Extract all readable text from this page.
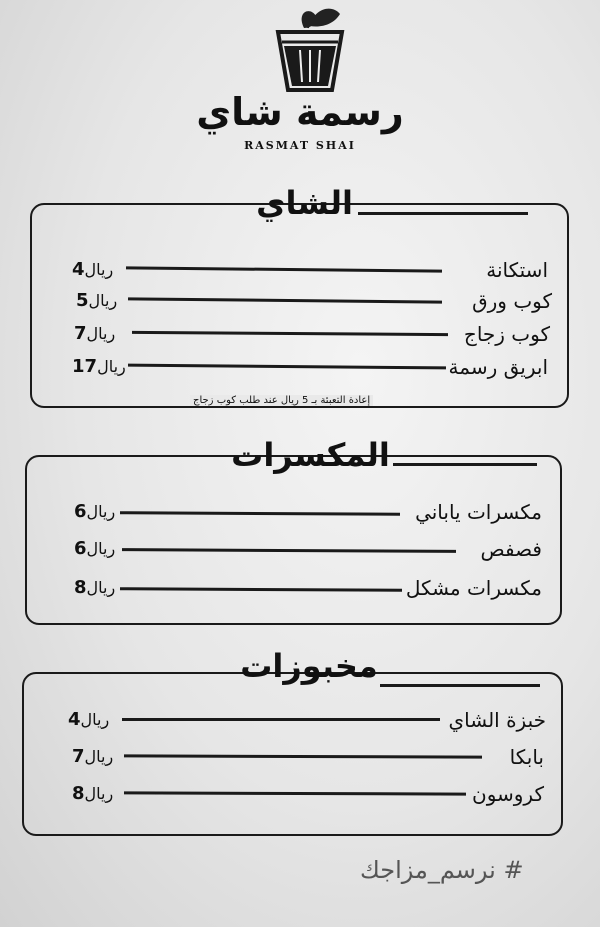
رسمة شاي
RASMAT SHAI
الشاي
استكانة
ريال4
كوب ورق
ريال5
كوب زجاج
ريال7
ابريق رسمة
ريال17
إعادة التعبئة بـ 5 ريال عند طلب كوب زجاج
المكسرات
مكسرات ياباني
ريال6
فصفص
ريال6
مكسرات مشكل
ريال8
مخبوزات
خبزة الشاي
ريال4
بابكا
ريال7
كروسون
ريال8
# نرسم_مزاجك
